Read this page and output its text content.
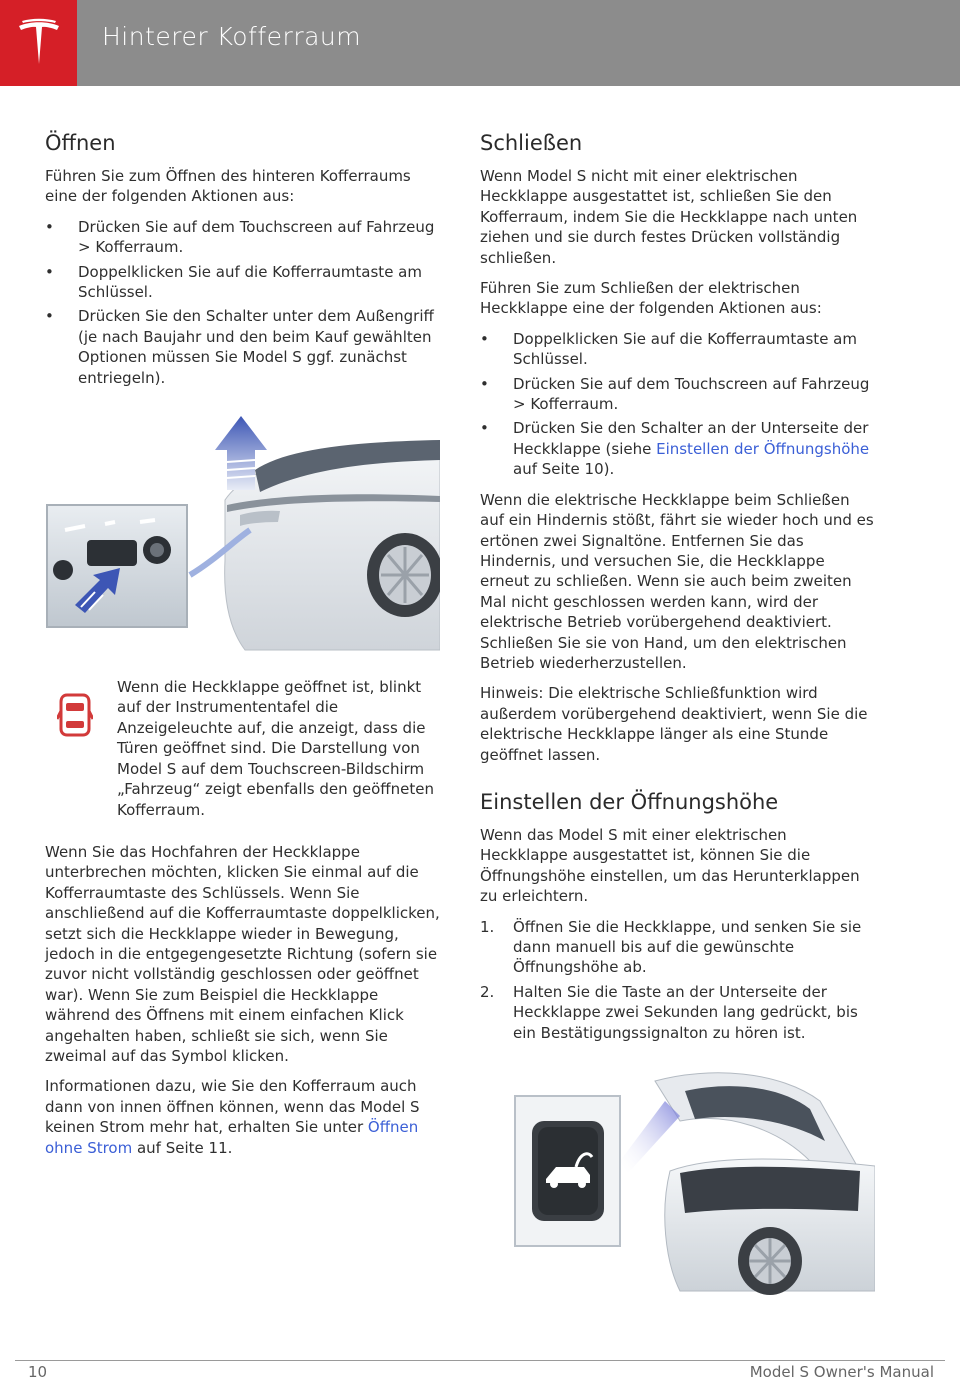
Hinterer Kofferraum
Öffnen

Führen Sie zum Öffnen des hinteren Kofferraums eine der folgenden Aktionen aus:

• Drücken Sie auf dem Touchscreen auf Fahrzeug > Kofferraum.
• Doppelklicken Sie auf die Kofferraumtaste am Schlüssel.
• Drücken Sie den Schalter unter dem Außengriff (je nach Baujahr und den beim Kauf gewählten Optionen müssen Sie Model S ggf. zunächst entriegeln).
Wenn die Heckklappe geöffnet ist, blinkt auf der Instrumententafel die Anzeigeleuchte auf, die anzeigt, dass die Türen geöffnet sind. Die Darstellung von Model S auf dem Touchscreen-Bildschirm „Fahrzeug“ zeigt ebenfalls den geöffneten Kofferraum.

Wenn Sie das Hochfahren der Heckklappe unterbrechen möchten, klicken Sie einmal auf die Kofferraumtaste des Schlüssels. Wenn Sie anschließend auf die Kofferraumtaste doppelklicken, setzt sich die Heckklappe wieder in Bewegung, jedoch in die entgegengesetzte Richtung (sofern sie zuvor nicht vollständig geschlossen oder geöffnet war). Wenn Sie zum Beispiel die Heckklappe während des Öffnens mit einem einfachen Klick angehalten haben, schließt sie sich, wenn Sie zweimal auf das Symbol klicken.

Informationen dazu, wie Sie den Kofferraum auch dann von innen öffnen können, wenn das Model S keinen Strom mehr hat, erhalten Sie unter Öffnen ohne Strom auf Seite 11.

Schließen

Wenn Model S nicht mit einer elektrischen Heckklappe ausgestattet ist, schließen Sie den Kofferraum, indem Sie die Heckklappe nach unten ziehen und sie durch festes Drücken vollständig schließen.

Führen Sie zum Schließen der elektrischen Heckklappe eine der folgenden Aktionen aus:

• Doppelklicken Sie auf die Kofferraumtaste am Schlüssel.
• Drücken Sie auf dem Touchscreen auf Fahrzeug > Kofferraum.
• Drücken Sie den Schalter an der Unterseite der Heckklappe (siehe Einstellen der Öffnungshöhe auf Seite 10).

Wenn die elektrische Heckklappe beim Schließen auf ein Hindernis stößt, fährt sie wieder hoch und es ertönen zwei Signaltöne. Entfernen Sie das Hindernis, und versuchen Sie, die Heckklappe erneut zu schließen. Wenn sie auch beim zweiten Mal nicht geschlossen werden kann, wird der elektrische Betrieb vorübergehend deaktiviert. Schließen Sie sie von Hand, um den elektrischen Betrieb wiederherzustellen.

Hinweis: Die elektrische Schließfunktion wird außerdem vorübergehend deaktiviert, wenn Sie die elektrische Heckklappe länger als eine Stunde geöffnet lassen.

Einstellen der Öffnungshöhe

Wenn das Model S mit einer elektrischen Heckklappe ausgestattet ist, können Sie die Öffnungshöhe einstellen, um das Herunterklappen zu erleichtern.

1. Öffnen Sie die Heckklappe, und senken Sie sie dann manuell bis auf die gewünschte Öffnungshöhe ab.
2. Halten Sie die Taste an der Unterseite der Heckklappe zwei Sekunden lang gedrückt, bis ein Bestätigungssignalton zu hören ist.
10	Model S Owner's Manual
